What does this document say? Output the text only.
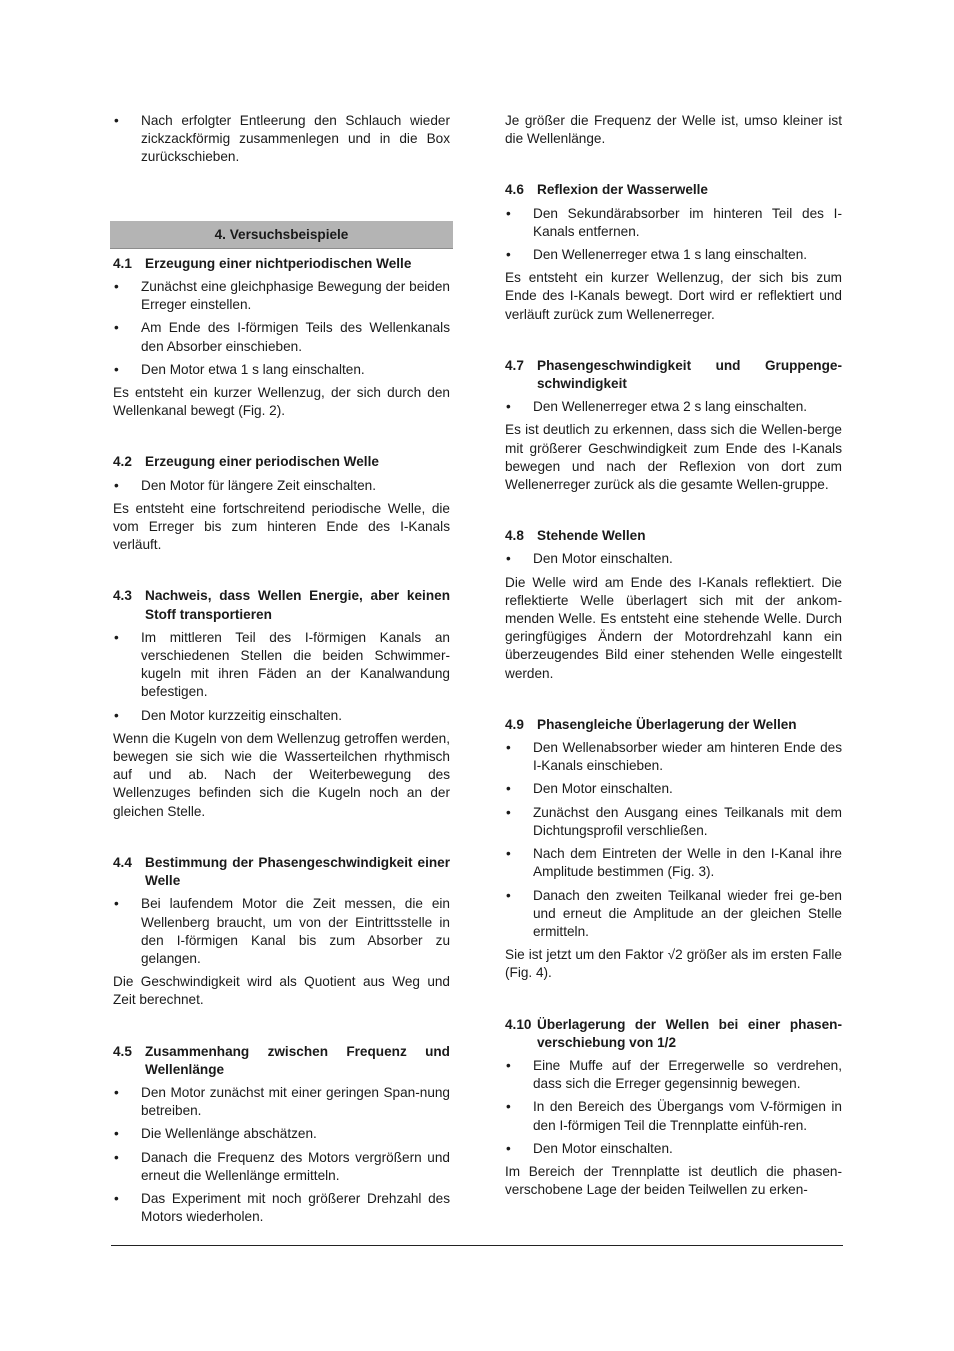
• Nach erfolgter Entleerung den Schlauch wieder zickzackförmig zusammenlegen und in die Box zurückschieben.
4. Versuchsbeispiele
4.1 Erzeugung einer nichtperiodischen Welle
• Zunächst eine gleichphasige Bewegung der beiden Erreger einstellen.
• Am Ende des I-förmigen Teils des Wellenkanals den Absorber einschieben.
• Den Motor etwa 1 s lang einschalten.

Es entsteht ein kurzer Wellenzug, der sich durch den Wellenkanal bewegt (Fig. 2).

4.2 Erzeugung einer periodischen Welle
• Den Motor für längere Zeit einschalten.

Es entsteht eine fortschreitend periodische Welle, die vom Erreger bis zum hinteren Ende des I-Kanals verläuft.

4.3 Nachweis, dass Wellen Energie, aber keinen Stoff transportieren
• Im mittleren Teil des I-förmigen Kanals an verschiedenen Stellen die beiden Schwimmer-kugeln mit ihren Fäden an der Kanalwandung befestigen.
• Den Motor kurzzeitig einschalten.

Wenn die Kugeln von dem Wellenzug getroffen werden, bewegen sie sich wie die Wasserteilchen rhythmisch auf und ab. Nach der Weiterbewegung des Wellenzuges befinden sich die Kugeln noch an der gleichen Stelle.

4.4 Bestimmung der Phasengeschwindigkeit einer Welle
• Bei laufendem Motor die Zeit messen, die ein Wellenberg braucht, um von der Eintrittsstelle in den I-förmigen Kanal bis zum Absorber zu gelangen.

Die Geschwindigkeit wird als Quotient aus Weg und Zeit berechnet.

4.5 Zusammenhang zwischen Frequenz und Wellenlänge
• Den Motor zunächst mit einer geringen Span-nung betreiben.
• Die Wellenlänge abschätzen.
• Danach die Frequenz des Motors vergrößern und erneut die Wellenlänge ermitteln.
• Das Experiment mit noch größerer Drehzahl des Motors wiederholen.

Je größer die Frequenz der Welle ist, umso kleiner ist die Wellenlänge.

4.6 Reflexion der Wasserwelle
• Den Sekundärabsorber im hinteren Teil des I-Kanals entfernen.
• Den Wellenerreger etwa 1 s lang einschalten.

Es entsteht ein kurzer Wellenzug, der sich bis zum Ende des I-Kanals bewegt. Dort wird er reflektiert und verläuft zurück zum Wellenerreger.

4.7 Phasengeschwindigkeit und Gruppenge-schwindigkeit
• Den Wellenerreger etwa 2 s lang einschalten.

Es ist deutlich zu erkennen, dass sich die Wellen-berge mit größerer Geschwindigkeit zum Ende des I-Kanals bewegen und nach der Reflexion von dort zum Wellenerreger zurück als die gesamte Wellen-gruppe.

4.8 Stehende Wellen
• Den Motor einschalten.

Die Welle wird am Ende des I-Kanals reflektiert. Die reflektierte Welle überlagert sich mit der ankom-menden Welle. Es entsteht eine stehende Welle. Durch geringfügiges Ändern der Motordrehzahl kann ein überzeugendes Bild einer stehenden Welle eingestellt werden.

4.9 Phasengleiche Überlagerung der Wellen
• Den Wellenabsorber wieder am hinteren Ende des I-Kanals einschieben.
• Den Motor einschalten.
• Zunächst den Ausgang eines Teilkanals mit dem Dichtungsprofil verschließen.
• Nach dem Eintreten der Welle in den I-Kanal ihre Amplitude bestimmen (Fig. 3).
• Danach den zweiten Teilkanal wieder frei ge-ben und erneut die Amplitude an der gleichen Stelle ermitteln.

Sie ist jetzt um den Faktor √2 größer als im ersten Falle (Fig. 4).

4.10 Überlagerung der Wellen bei einer phasen-verschiebung von 1/2
• Eine Muffe auf der Erregerwelle so verdrehen, dass sich die Erreger gegensinnig bewegen.
• In den Bereich des Übergangs vom V-förmigen in den I-förmigen Teil die Trennplatte einfüh-ren.
• Den Motor einschalten.

Im Bereich der Trennplatte ist deutlich die phasen-verschobene Lage der beiden Teilwellen zu erken-
